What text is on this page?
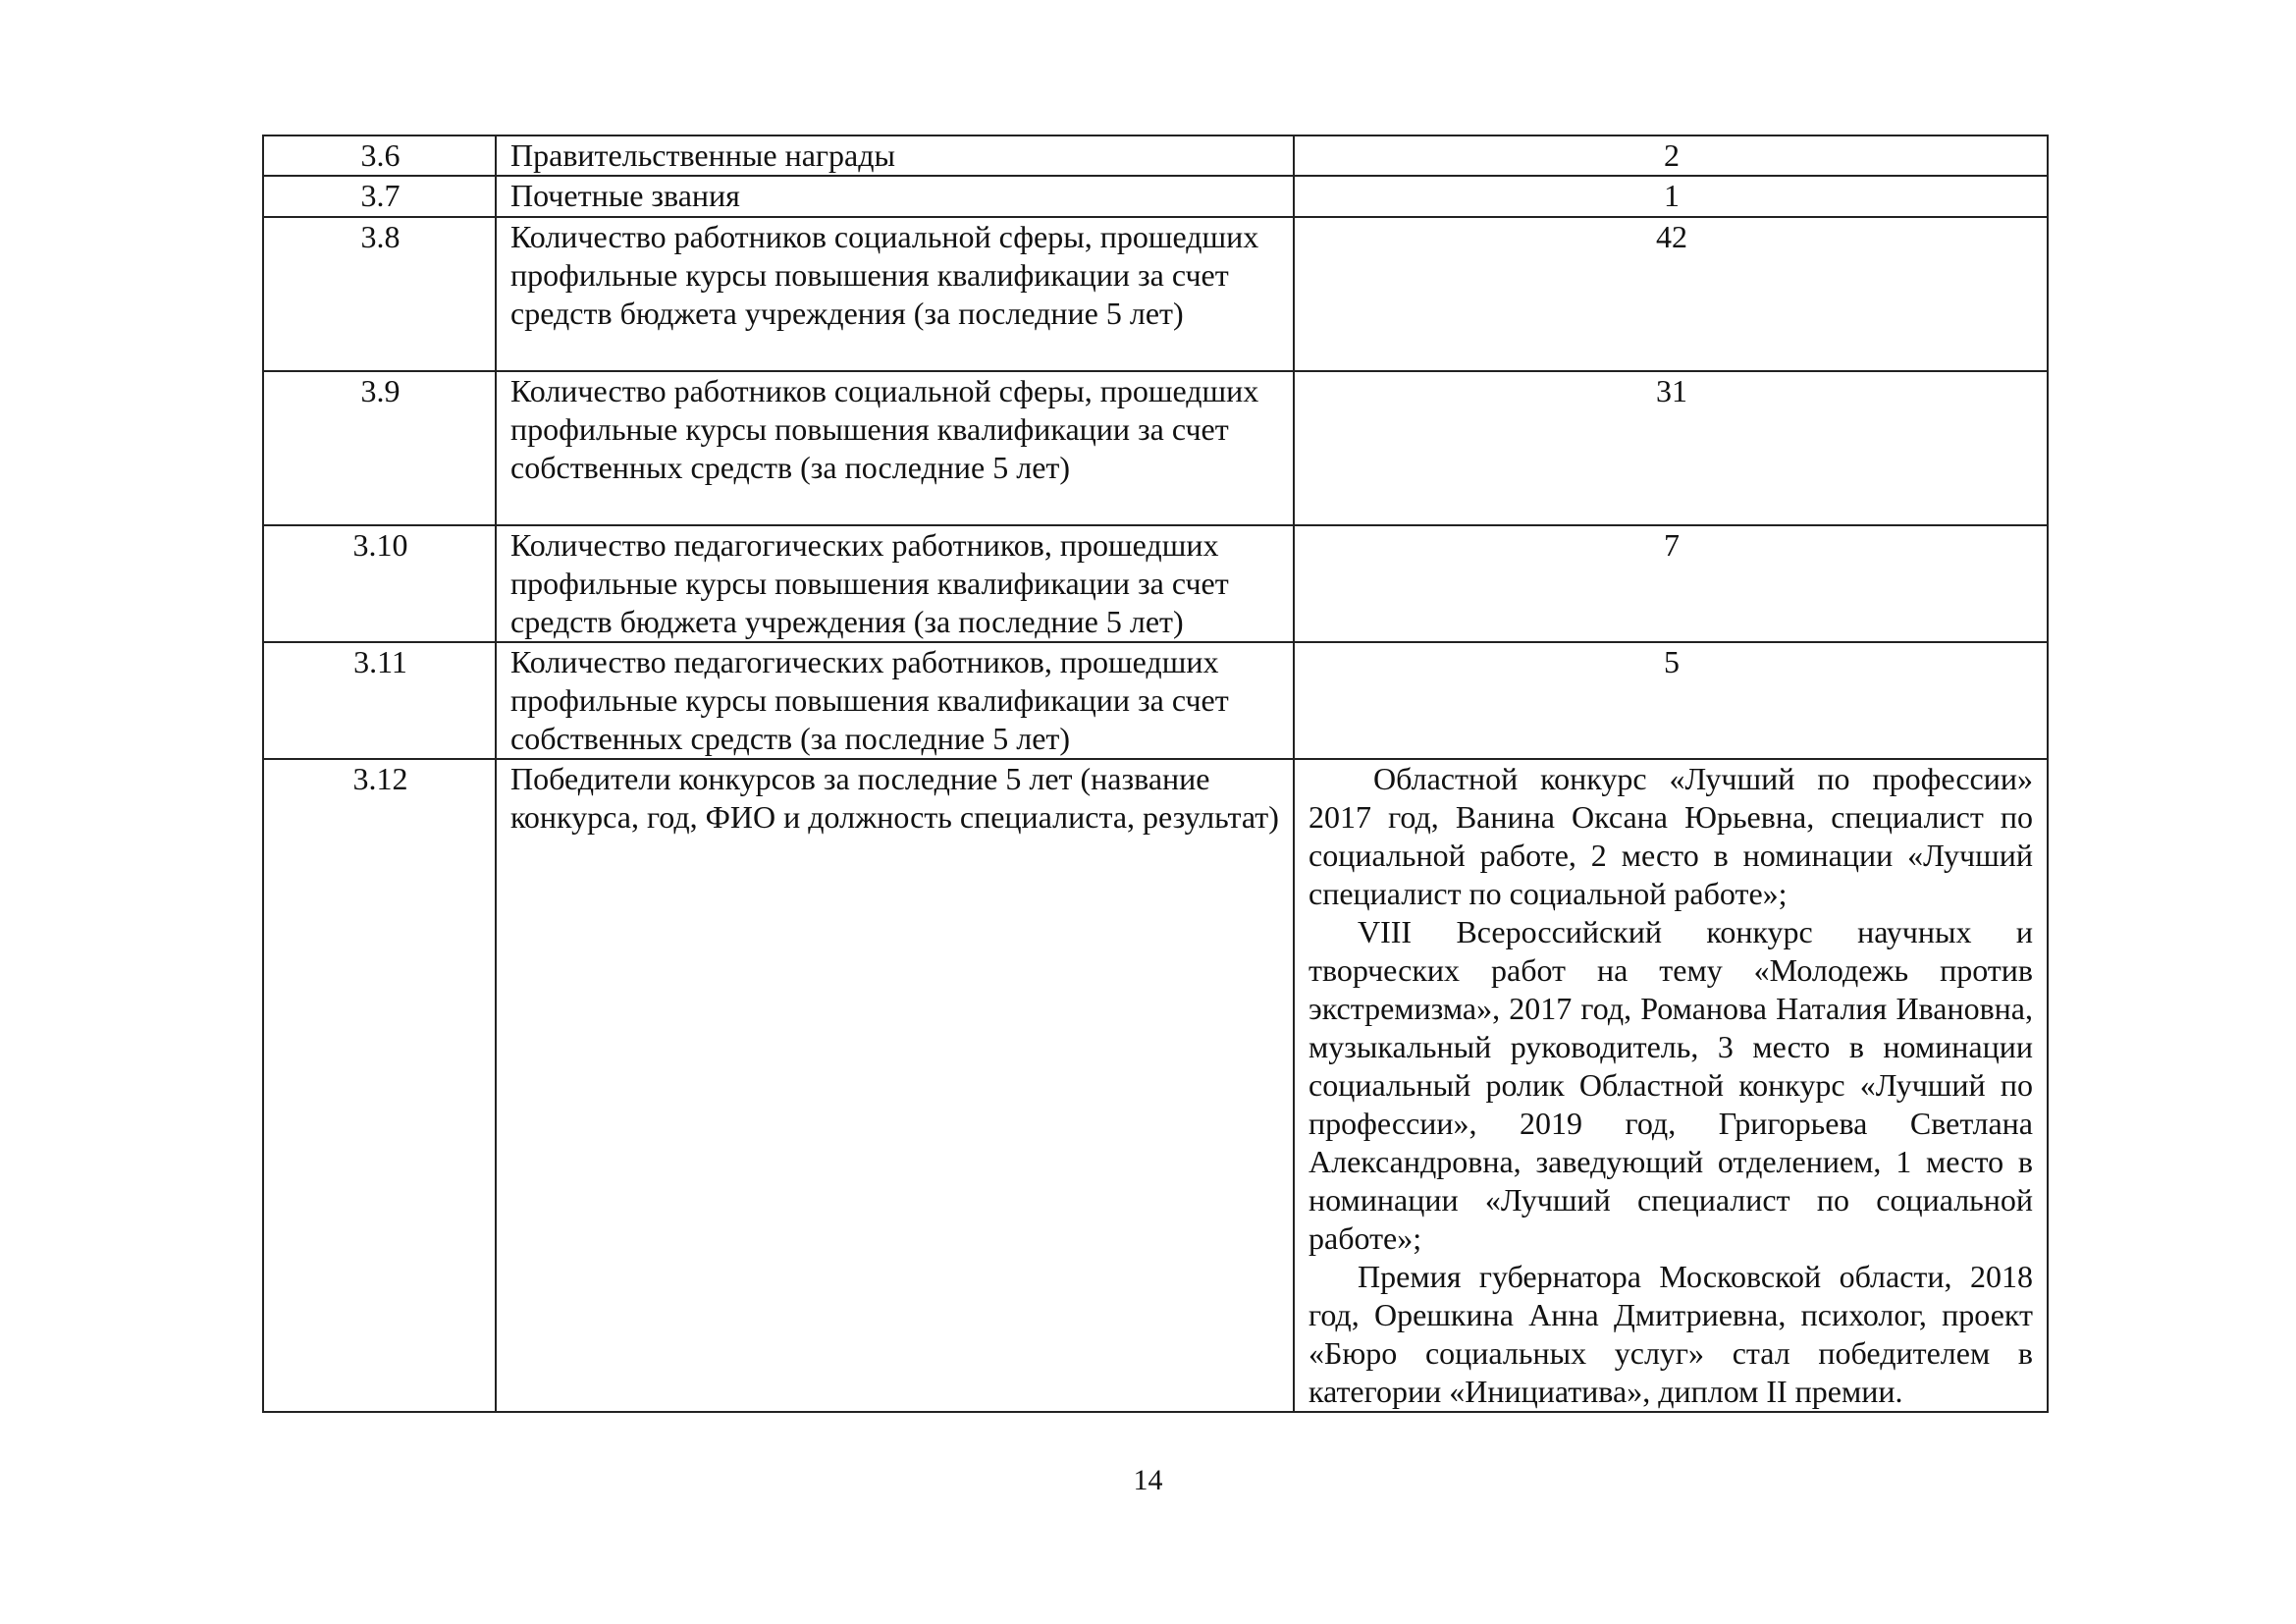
3.6	Правительственные награды	2
3.7	Почетные звания	1
3.8	Количество работников социальной сферы, прошедших профильные курсы повышения квалификации за счет средств бюджета учреждения (за последние 5 лет)	42
3.9	Количество работников социальной сферы, прошедших профильные курсы повышения квалификации за счет собственных средств (за последние 5 лет)	31
3.10	Количество педагогических работников, прошедших профильные курсы повышения квалификации за счет средств бюджета учреждения (за последние 5 лет)	7
3.11	Количество педагогических работников, прошедших профильные курсы повышения квалификации за счет собственных средств (за последние 5 лет)	5
3.12	Победители конкурсов за последние 5 лет (название конкурса, год, ФИО и должность специалиста, результат)	Областной конкурс «Лучший по профессии» 2017 год, Ванина Оксана Юрьевна, специалист по социальной работе, 2 место в номинации «Лучший специалист по социальной работе»;

VIII Всероссийский конкурс научных и творческих работ на тему «Молодежь против экстремизма», 2017 год, Романова Наталия Ивановна, музыкальный руководитель, 3 место в номинации социальный ролик Областной конкурс «Лучший по профессии», 2019 год, Григорьева Светлана Александровна, заведующий отделением, 1 место в номинации «Лучший специалист по социальной работе»;

Премия губернатора Московской области, 2018 год, Орешкина Анна Дмитриевна, психолог, проект «Бюро социальных услуг» стал победителем в категории «Инициатива», диплом II премии.

14
